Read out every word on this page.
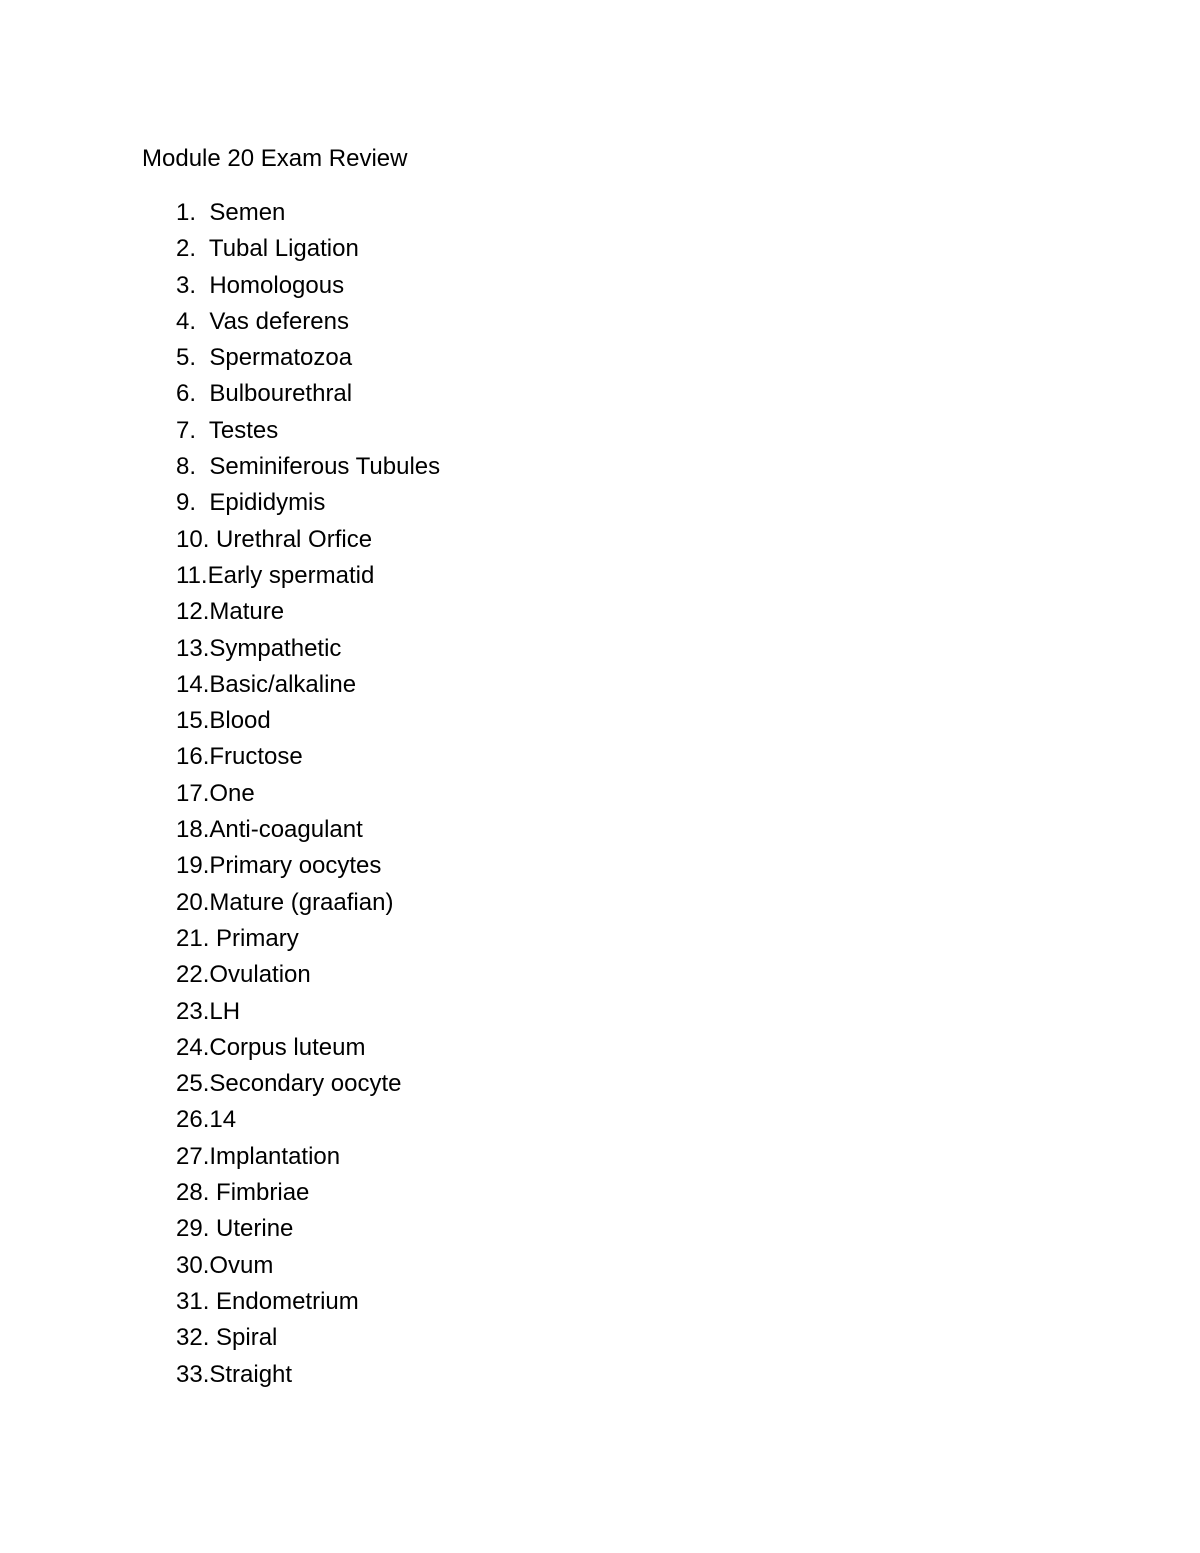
Module 20 Exam Review
1.  Semen
2.  Tubal Ligation
3.  Homologous
4.  Vas deferens
5.  Spermatozoa
6.  Bulbourethral
7.  Testes
8.  Seminiferous Tubules
9.  Epididymis
10. Urethral Orfice
11.Early spermatid
12.Mature
13.Sympathetic
14.Basic/alkaline
15.Blood
16.Fructose
17.One
18.Anti-coagulant
19.Primary oocytes
20.Mature (graafian)
21. Primary
22.Ovulation
23.LH
24.Corpus luteum
25.Secondary oocyte
26.14
27.Implantation
28. Fimbriae
29. Uterine
30.Ovum
31. Endometrium
32. Spiral
33.Straight
